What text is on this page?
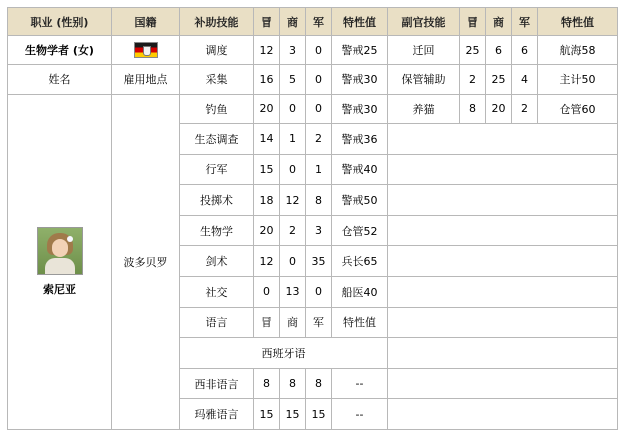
职业 (性别)	国籍	补助技能	冒	商	军	特性值	副官技能	冒	商	军	特性值
生物学者 (女)		调度	12	3	0	警戒25	迁回	25	6	6	航海58
姓名	雇用地点	采集	16	5	0	警戒30	保管辅助	2	25	4	主计50

索尼亚	波多贝罗	钓鱼	20	0	0	警戒30	养猫	8	20	2	仓管60
		生态调查	14	1	2	警戒36					
		行军	15	0	1	警戒40					
		投掷术	18	12	8	警戒50					
		生物学	20	2	3	仓管52					
		剑术	12	0	35	兵长65					
		社交	0	13	0	船医40					
		语言	冒	商	军	特性值					
		西班牙语									
		西非语言	8	8	8	--					
		玛雅语言	15	15	15	--					
